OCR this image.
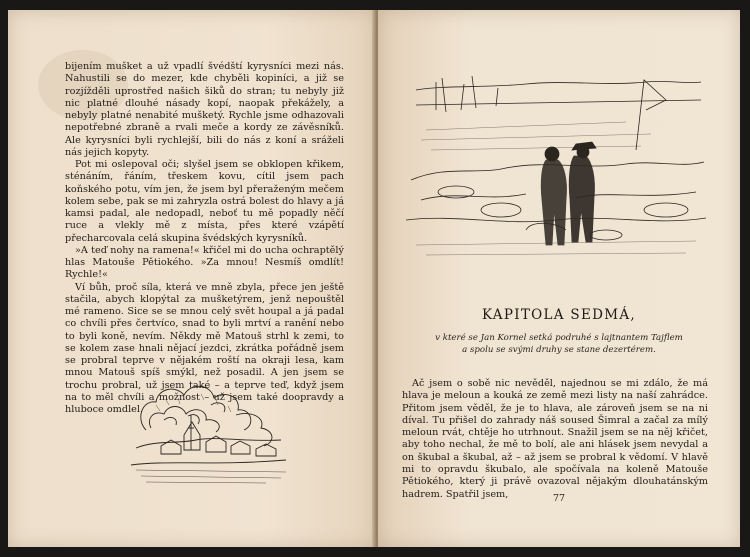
bijením mušket a už vpadlí švédští kyrysníci mezi nás. Nahustili se do mezer, kde chyběli kopiníci, a již se rozjížděli uprostřed našich šiků do stran; tu nebyly již nic platné dlouhé násady kopí, naopak překážely, a nebyly platné nenabité mušketý. Rychle jsme odhazovali nepotřebné zbraně a rvali meče a kordy ze závěsníků. Ale kyrysníci byli rychlejší, bili do nás z koní a sráželi nás jejich kopyty.

Pot mi oslepoval oči; slyšel jsem se obklopen křikem, sténáním, řáním, třeskem kovu, cítil jsem pach koňského potu, vím jen, že jsem byl přeraženým mečem kolem sebe, pak se mi zahryzla ostrá bolest do hlavy a já kamsi padal, ale nedopadl, neboť tu mě popadly něčí ruce a vlekly mě z místa, přes které vzápětí přecharcovala celá skupina švédských kyrysníků.

»A teď nohy na ramena!« křičel mi do ucha ochraptělý hlas Matouše Pětiokého. »Za mnou! Nesmíš omdlít! Rychle!«

Ví bůh, proč síla, která ve mně zbyla, přece jen ještě stačila, abych klopýtal za mušketýrem, jenž nepouštěl mé rameno. Sice se se mnou celý svět houpal a já padal co chvíli přes čertvíco, snad to byli mrtví a ranění nebo to byli koně, nevím. Někdy mě Matouš strhl k zemi, to se kolem zase hnali nějací jezdci, zkrátka pořádně jsem se probral teprve v nějakém roští na okraji lesa, kam mnou Matouš spíš smýkl, než posadil. A jen jsem se trochu probral, už jsem také – a teprve teď, když jsem na to měl chvíli a možnost – už jsem také doopravdy a hluboce omdlel.

KAPITOLA SEDMÁ,
v které se Jan Kornel setká podruhé s lajtnantem Tajflem
a spolu se svými druhy se stane dezertérem.

Ač jsem o sobě nic nevěděl, najednou se mi zdálo, že má hlava je meloun a kouká ze země mezi listy na naší zahrádce. Přitom jsem věděl, že je to hlava, ale zároveň jsem se na ni díval. Tu přišel do zahrady náš soused Šimral a začal za mílý meloun rvát, chtěje ho utrhnout. Snažil jsem se na něj křičet, aby toho nechal, že mě to bolí, ale ani hlásek jsem nevydal a on škubal a škubal, až – až jsem se probral k vědomí. V hlavě mi to opravdu škubalo, ale spočívala na koleně Matouše Pětiokého, který ji právě ovazoval nějakým dlouhatánským hadrem. Spatřil jsem,	77
